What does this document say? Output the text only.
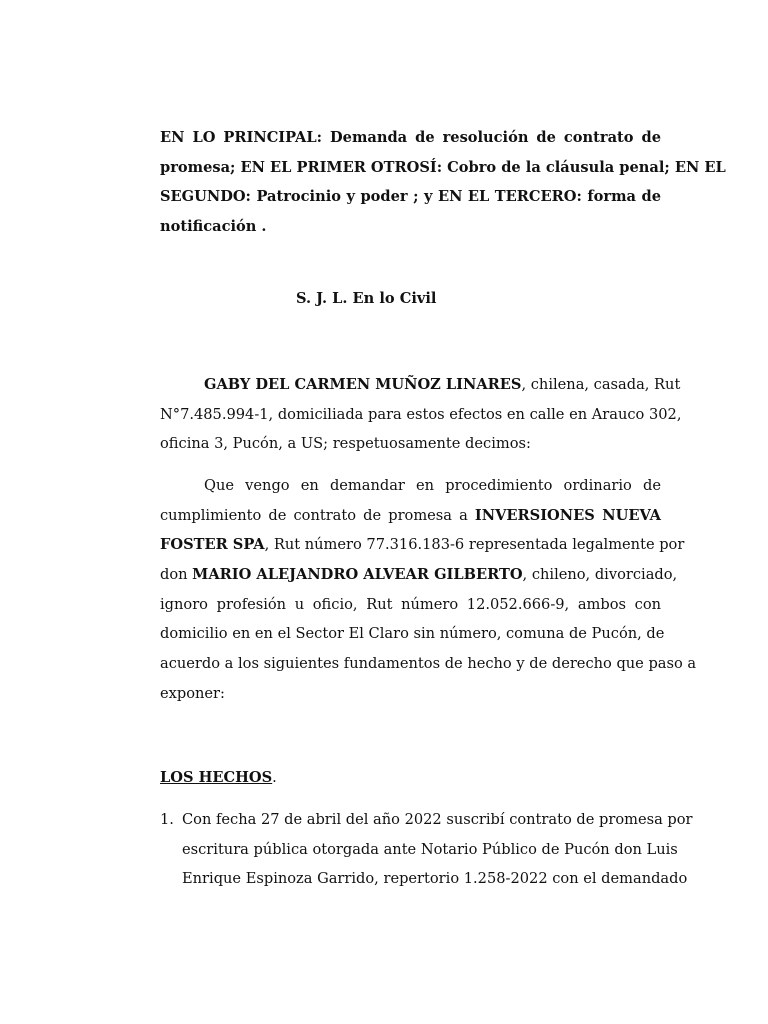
EN LO PRINCIPAL: Demanda de resolución de contrato de
promesa; EN EL PRIMER OTROSÍ: Cobro de la cláusula penal; EN EL
SEGUNDO: Patrocinio y poder ; y EN EL TERCERO: forma de
notificación .
S. J. L. En lo Civil
GABY DEL CARMEN MUÑOZ LINARES, chilena, casada, Rut
N°7.485.994-1, domiciliada para estos efectos en calle en Arauco 302,
oficina 3, Pucón, a US; respetuosamente decimos:
Que vengo en demandar en procedimiento ordinario de
cumplimiento de contrato de promesa a INVERSIONES NUEVA
FOSTER SPA, Rut número 77.316.183-6 representada legalmente por
don MARIO ALEJANDRO ALVEAR GILBERTO, chileno, divorciado,
ignoro profesión u oficio, Rut número 12.052.666-9, ambos con
domicilio en en el Sector El Claro sin número, comuna de Pucón, de
acuerdo a los siguientes fundamentos de hecho y de derecho que paso a
exponer:
LOS HECHOS.
1. Con fecha 27 de abril del año 2022 suscribí contrato de promesa por
escritura pública otorgada ante Notario Público de Pucón don Luis
Enrique Espinoza Garrido, repertorio 1.258-2022 con el demandado
